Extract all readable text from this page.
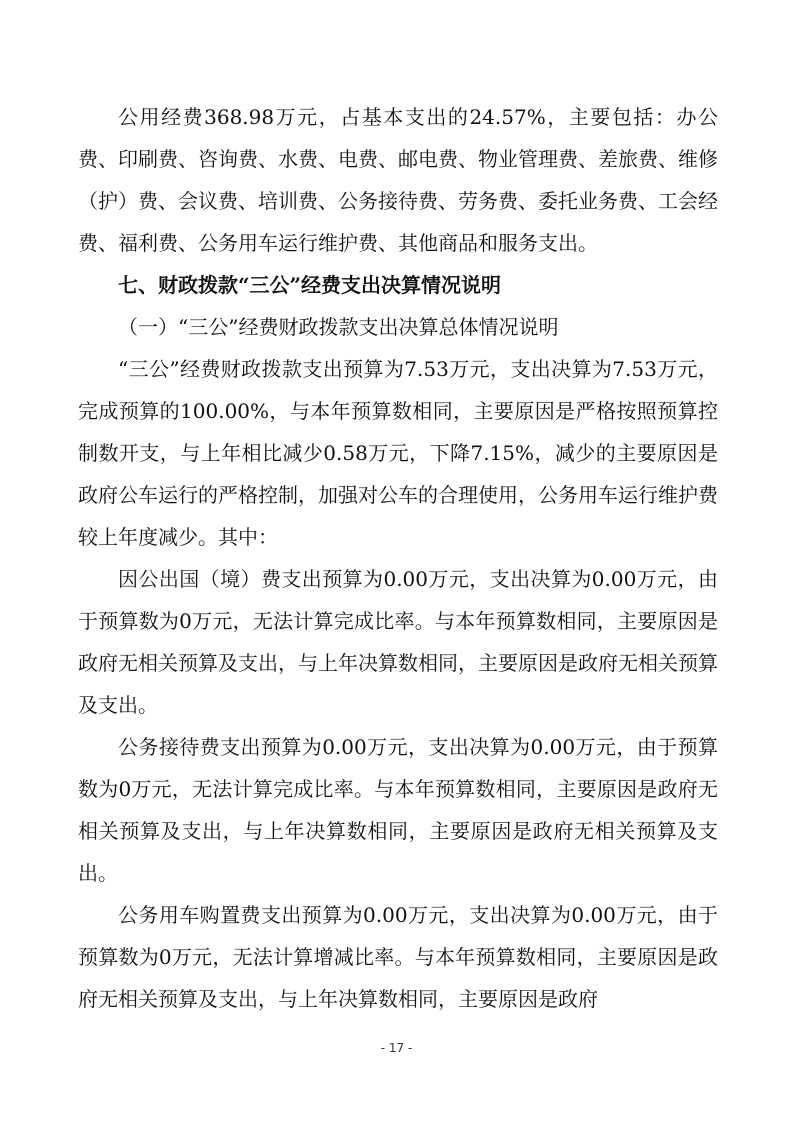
公用经费368.98万元，占基本支出的24.57%，主要包括：办公费、印刷费、咨询费、水费、电费、邮电费、物业管理费、差旅费、维修（护）费、会议费、培训费、公务接待费、劳务费、委托业务费、工会经费、福利费、公务用车运行维护费、其他商品和服务支出。

七、财政拨款“三公”经费支出决算情况说明

（一）“三公”经费财政拨款支出决算总体情况说明

“三公”经费财政拨款支出预算为7.53万元，支出决算为7.53万元，完成预算的100.00%，与本年预算数相同，主要原因是严格按照预算控制数开支，与上年相比减少0.58万元，下降7.15%，减少的主要原因是政府公车运行的严格控制，加强对公车的合理使用，公务用车运行维护费较上年度减少。其中：

因公出国（境）费支出预算为0.00万元，支出决算为0.00万元，由于预算数为0万元，无法计算完成比率。与本年预算数相同，主要原因是政府无相关预算及支出，与上年决算数相同，主要原因是政府无相关预算及支出。

公务接待费支出预算为0.00万元，支出决算为0.00万元，由于预算数为0万元，无法计算完成比率。与本年预算数相同，主要原因是政府无相关预算及支出，与上年决算数相同，主要原因是政府无相关预算及支出。

公务用车购置费支出预算为0.00万元，支出决算为0.00万元，由于预算数为0万元，无法计算增减比率。与本年预算数相同，主要原因是政府无相关预算及支出，与上年决算数相同，主要原因是政府

- 17 -
